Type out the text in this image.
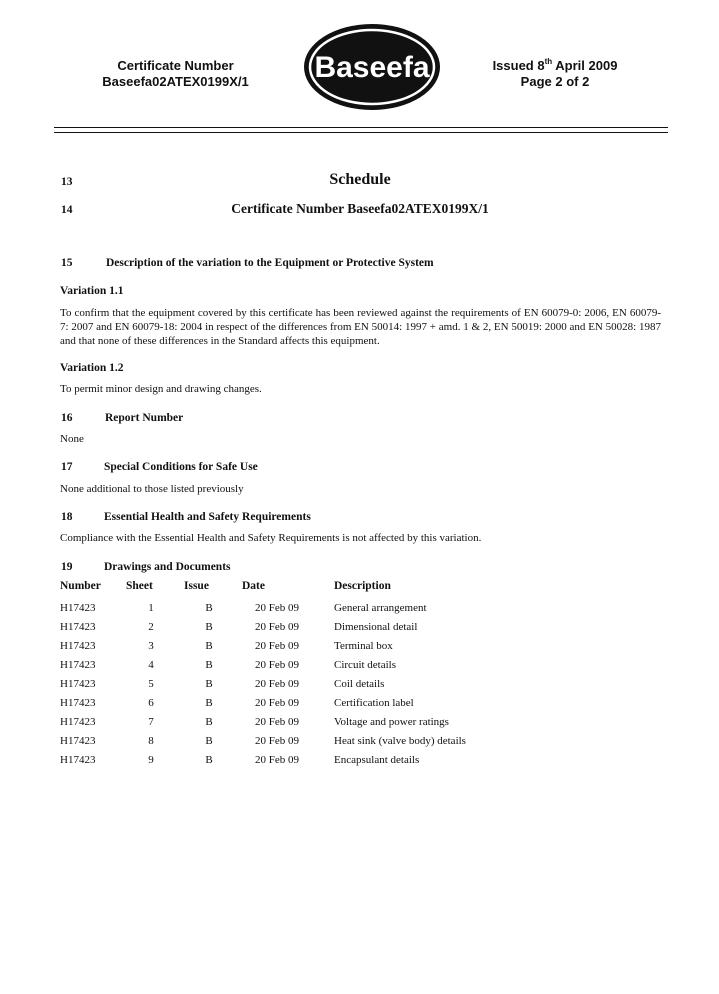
Certificate Number
Baseefa02ATEX0199X/1	Baseefa	Issued 8th April 2009
Page 2 of 2
13	Schedule
14	Certificate Number Baseefa02ATEX0199X/1
15	Description of the variation to the Equipment or Protective System
Variation 1.1
To confirm that the equipment covered by this certificate has been reviewed against the requirements of EN 60079-0: 2006, EN 60079-7: 2007 and EN 60079-18: 2004 in respect of the differences from EN 50014: 1997 + amd. 1 & 2, EN 50019: 2000 and EN 50028: 1987 and that none of these differences in the Standard affects this equipment.
Variation 1.2
To permit minor design and drawing changes.
16	Report Number
None
17	Special Conditions for Safe Use
None additional to those listed previously
18	Essential Health and Safety Requirements
Compliance with the Essential Health and Safety Requirements is not affected by this variation.
19	Drawings and Documents
Number	Sheet	Issue	Date	Description
H17423	1	B	20 Feb 09	General arrangement
H17423	2	B	20 Feb 09	Dimensional detail
H17423	3	B	20 Feb 09	Terminal box
H17423	4	B	20 Feb 09	Circuit details
H17423	5	B	20 Feb 09	Coil details
H17423	6	B	20 Feb 09	Certification label
H17423	7	B	20 Feb 09	Voltage and power ratings
H17423	8	B	20 Feb 09	Heat sink (valve body) details
H17423	9	B	20 Feb 09	Encapsulant details
